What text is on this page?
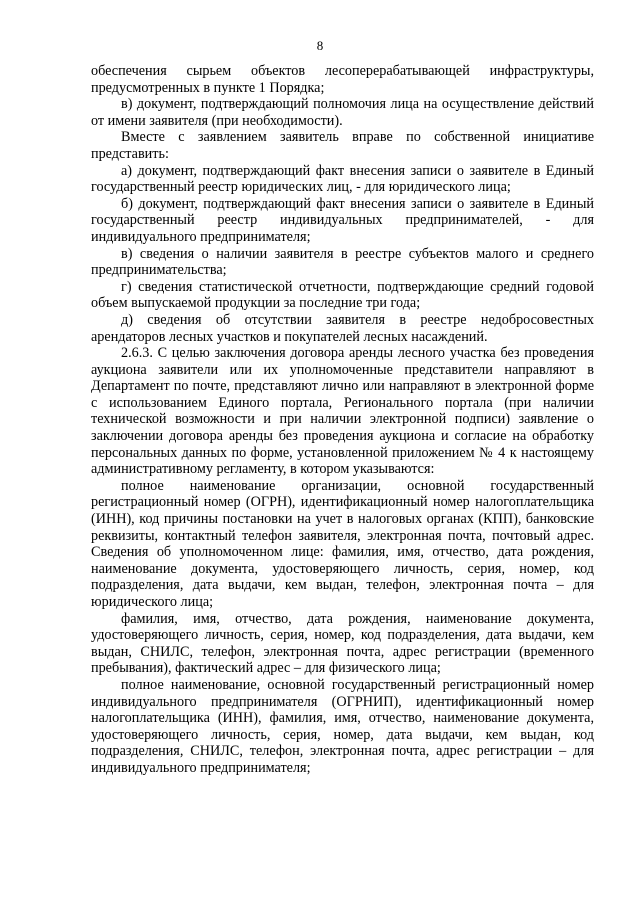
8

обеспечения сырьем объектов лесоперерабатывающей инфраструктуры, предусмотренных в пункте 1 Порядка;

в) документ, подтверждающий полномочия лица на осуществление действий от имени заявителя (при необходимости).

Вместе с заявлением заявитель вправе по собственной инициативе представить:

а) документ, подтверждающий факт внесения записи о заявителе в Единый государственный реестр юридических лиц, - для юридического лица;

б) документ, подтверждающий факт внесения записи о заявителе в Единый государственный реестр индивидуальных предпринимателей, - для индивидуального предпринимателя;

в) сведения о наличии заявителя в реестре субъектов малого и среднего предпринимательства;

г) сведения статистической отчетности, подтверждающие средний годовой объем выпускаемой продукции за последние три года;

д) сведения об отсутствии заявителя в реестре недобросовестных арендаторов лесных участков и покупателей лесных насаждений.

2.6.3. С целью заключения договора аренды лесного участка без проведения аукциона заявители или их уполномоченные представители направляют в Департамент по почте, представляют лично или направляют в электронной форме с использованием Единого портала, Регионального портала (при наличии технической возможности и при наличии электронной подписи) заявление о заключении договора аренды без проведения аукциона и согласие на обработку персональных данных по форме, установленной приложением № 4 к настоящему административному регламенту, в котором указываются:

полное наименование организации, основной государственный регистрационный номер (ОГРН), идентификационный номер налогоплательщика (ИНН), код причины постановки на учет в налоговых органах (КПП), банковские реквизиты, контактный телефон заявителя, электронная почта, почтовый адрес. Сведения об уполномоченном лице: фамилия, имя, отчество, дата рождения, наименование документа, удостоверяющего личность, серия, номер, код подразделения, дата выдачи, кем выдан, телефон, электронная почта – для юридического лица;

фамилия, имя, отчество, дата рождения, наименование документа, удостоверяющего личность, серия, номер, код подразделения, дата выдачи, кем выдан, СНИЛС, телефон, электронная почта, адрес регистрации (временного пребывания), фактический адрес – для физического лица;

полное наименование, основной государственный регистрационный номер индивидуального предпринимателя (ОГРНИП), идентификационный номер налогоплательщика (ИНН), фамилия, имя, отчество, наименование документа, удостоверяющего личность, серия, номер, дата выдачи, кем выдан, код подразделения, СНИЛС, телефон, электронная почта, адрес регистрации – для индивидуального предпринимателя;
